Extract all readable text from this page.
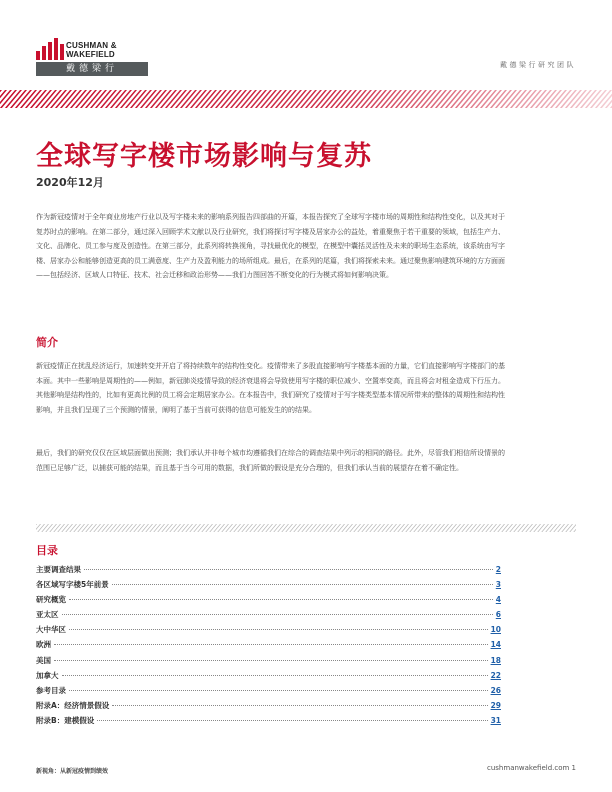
CUSHMAN &
WAKEFIELD
戴德梁行	戴德梁行研究团队
全球写字楼市场影响与复苏
2020年12月

作为新冠疫情对于全年商业房地产行业以及写字楼未来的影响系列报告四部曲的开篇，本报告探究了全球写字楼市场的周期性和结构性变化，以及其对于复苏时点的影响。在第二部分，通过深入回顾学术文献以及行业研究，我们将探讨写字楼及居家办公的益处，着重聚焦于若干重要的领域，包括生产力、文化、品牌化、员工参与度及创造性。在第三部分，此系列将转换视角，寻找最优化的模型，在模型中囊括灵活性及未来的职场生态系统，该系统由写字楼、居家办公和能够创造更高的员工满意度、生产力及盈利能力的场所组成。最后，在系列的尾篇，我们将探索未来。通过聚焦影响建筑环境的方方面面——包括经济、区域人口特征、技术、社会迁移和政治形势——我们力图回答不断变化的行为模式将如何影响决策。

简介

新冠疫情正在扰乱经济运行，加速转变并开启了将持续数年的结构性变化。疫情带来了多股直接影响写字楼基本面的力量，它们直接影响写字楼部门的基本面。其中一些影响是周期性的——例如，新冠肺炎疫情导致的经济衰退将会导致使用写字楼的职位减少、空置率变高，而且将会对租金造成下行压力。其他影响是结构性的，比如有更高比例的员工将会定期居家办公。在本报告中，我们研究了疫情对于写字楼类型基本情况所带来的整体的周期性和结构性影响，并且我们呈现了三个预测的情景，阐明了基于当前可获得的信息可能发生的的结果。

最后，我们的研究仅仅在区域层面做出预测；我们承认并非每个城市均遵循我们在综合的调查结果中列示的相同的路径。此外，尽管我们相信所设情景的范围已足够广泛，以捕获可能的结果，而且基于当今可用的数据，我们所做的假设是充分合理的，但我们承认当前的展望存在着不确定性。

目录
主要调查结果	2
各区域写字楼5年前景	3
研究概览	4
亚太区	6
大中华区	10
欧洲	14
美国	18
加拿大	22
参考目录	26
附录A：经济情景假设	29
附录B：建模假设	31
新视角：从新冠疫情到绩效	cushmanwakefield.com 1
